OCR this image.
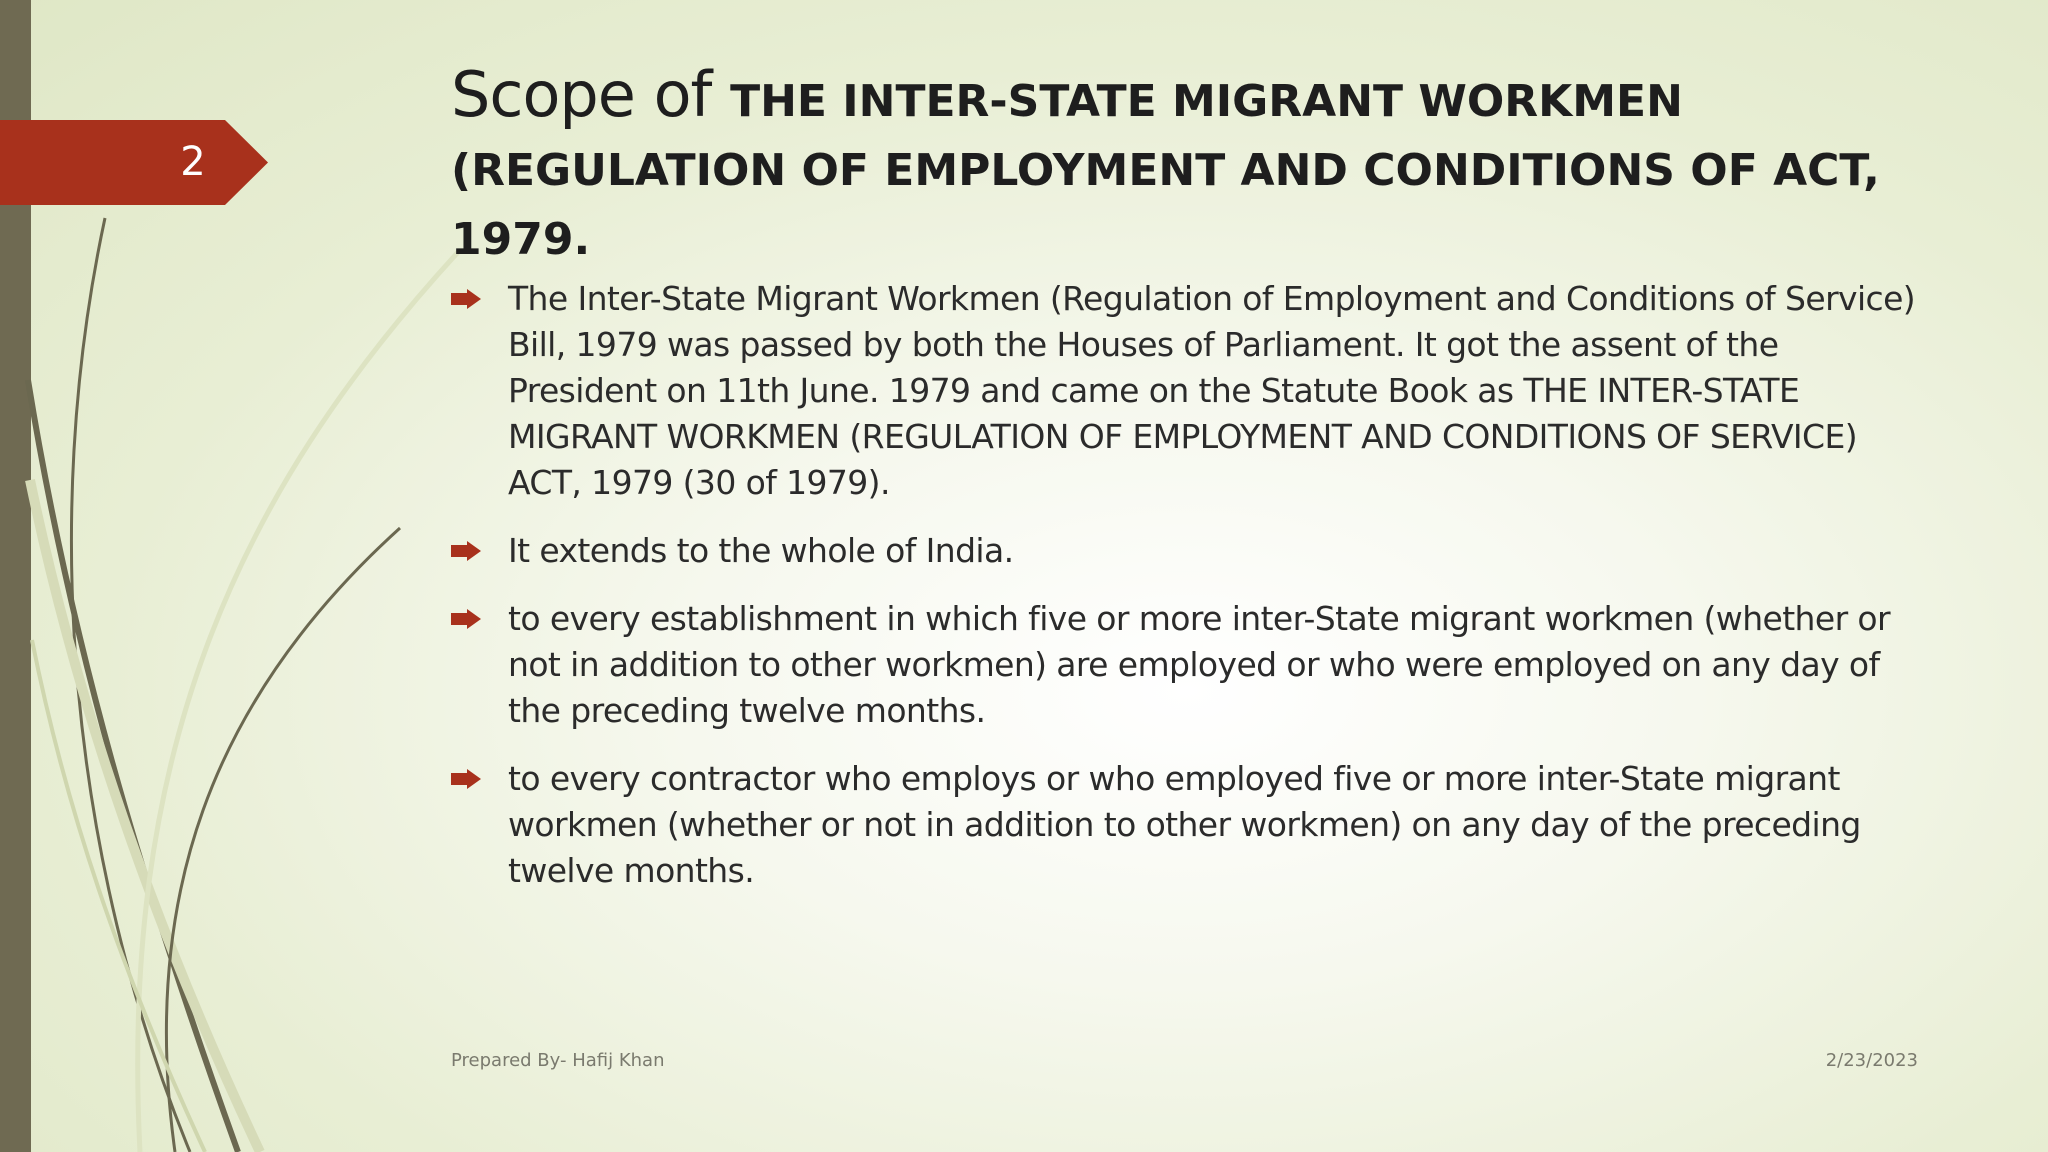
2
Scope of THE INTER-STATE MIGRANT WORKMEN (REGULATION OF EMPLOYMENT AND CONDITIONS OF ACT, 1979.
The Inter-State Migrant Workmen (Regulation of Employment and Conditions of Service) Bill, 1979 was passed by both the Houses of Parliament. It got the assent of the President on 11th June. 1979 and came on the Statute Book as THE INTER-STATE MIGRANT WORKMEN (REGULATION OF EMPLOYMENT AND CONDITIONS OF SERVICE) ACT, 1979 (30 of 1979).
It extends to the whole of India.
to every establishment in which five or more inter-State migrant workmen (whether or not in addition to other workmen) are employed or who were employed on any day of the preceding twelve months.
to every contractor who employs or who employed five or more inter-State migrant workmen (whether or not in addition to other workmen) on any day of the preceding twelve months.
Prepared By- Hafij Khan	2/23/2023
